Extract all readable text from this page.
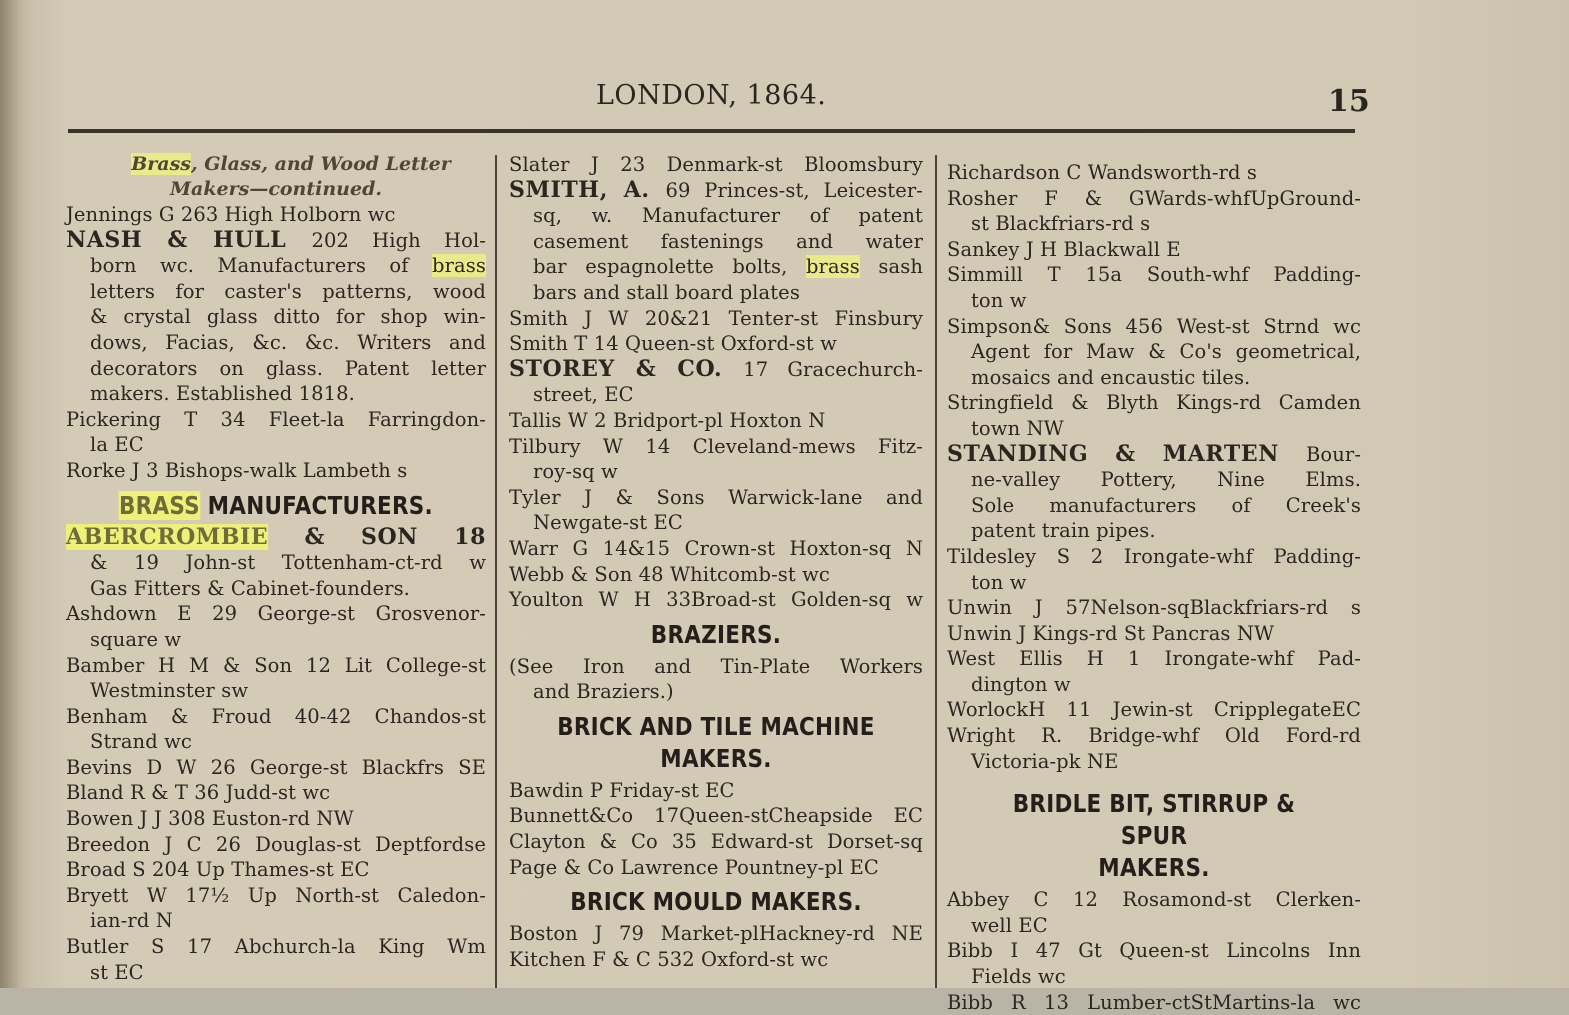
LONDON, 1864.	15
Brass, Glass, and Wood Letter
Makers—continued.

Jennings G 263 High Holborn wc

NASH & HULL 202 High Hol-

born wc. Manufacturers of brass

letters for caster's patterns, wood

& crystal glass ditto for shop win-

dows, Facias, &c. &c. Writers and

decorators on glass. Patent letter

makers. Established 1818.

Pickering T 34 Fleet-la Farringdon-

la EC

Rorke J 3 Bishops-walk Lambeth s

BRASS MANUFACTURERS.

ABERCROMBIE & SON 18

& 19 John-st Tottenham-ct-rd w

Gas Fitters & Cabinet-founders.

Ashdown E 29 George-st Grosvenor-

square w

Bamber H M & Son 12 Lit College-st

Westminster sw

Benham & Froud 40-42 Chandos-st

Strand wc

Bevins D W 26 George-st Blackfrs SE

Bland R & T 36 Judd-st wc

Bowen J J 308 Euston-rd NW

Breedon J C 26 Douglas-st Deptfordse

Broad S 204 Up Thames-st EC

Bryett W 17½ Up North-st Caledon-

ian-rd N

Butler S 17 Abchurch-la King Wm

st EC

Slater J 23 Denmark-st Bloomsbury

SMITH, A. 69 Princes-st, Leicester-

sq, w. Manufacturer of patent

casement fastenings and water

bar espagnolette bolts, brass sash

bars and stall board plates

Smith J W 20&21 Tenter-st Finsbury

Smith T 14 Queen-st Oxford-st w

STOREY & CO. 17 Gracechurch-

street, EC

Tallis W 2 Bridport-pl Hoxton N

Tilbury W 14 Cleveland-mews Fitz-

roy-sq w

Tyler J & Sons Warwick-lane and

Newgate-st EC

Warr G 14&15 Crown-st Hoxton-sq N

Webb & Son 48 Whitcomb-st wc

Youlton W H 33Broad-st Golden-sq w

BRAZIERS.

(See Iron and Tin-Plate Workers

and Braziers.)

BRICK AND TILE MACHINE
MAKERS.

Bawdin P Friday-st EC

Bunnett&Co 17Queen-stCheapside EC

Clayton & Co 35 Edward-st Dorset-sq

Page & Co Lawrence Pountney-pl EC

BRICK MOULD MAKERS.

Boston J 79 Market-plHackney-rd NE

Kitchen F & C 532 Oxford-st wc

Richardson C Wandsworth-rd s

Rosher F & GWards-whfUpGround-

st Blackfriars-rd s

Sankey J H Blackwall E

Simmill T 15a South-whf Padding-

ton w

Simpson& Sons 456 West-st Strnd wc

Agent for Maw & Co's geometrical,

mosaics and encaustic tiles.

Stringfield & Blyth Kings-rd Camden

town NW

STANDING & MARTEN Bour-

ne-valley Pottery, Nine Elms.

Sole manufacturers of Creek's

patent train pipes.

Tildesley S 2 Irongate-whf Padding-

ton w

Unwin J 57Nelson-sqBlackfriars-rd s

Unwin J Kings-rd St Pancras NW

West Ellis H 1 Irongate-whf Pad-

dington w

WorlockH 11 Jewin-st CripplegateEC

Wright R. Bridge-whf Old Ford-rd

Victoria-pk NE

BRIDLE BIT, STIRRUP & SPUR
MAKERS.

Abbey C 12 Rosamond-st Clerken-

well EC

Bibb I 47 Gt Queen-st Lincolns Inn

Fields wc

Bibb R 13 Lumber-ctStMartins-la wc
